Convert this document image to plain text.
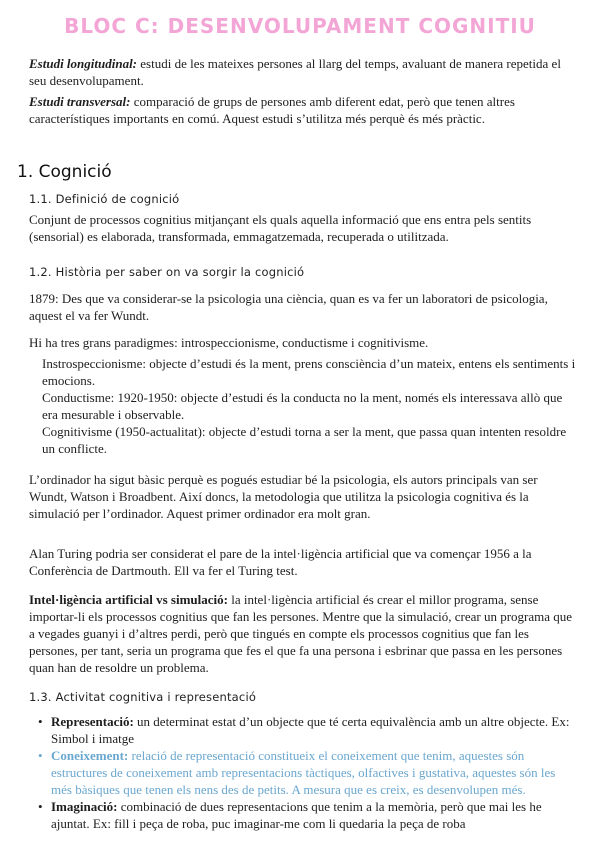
BLOC C: DESENVOLUPAMENT COGNITIU
Estudi longitudinal: estudi de les mateixes persones al llarg del temps, avaluant de manera repetida el seu desenvolupament.
Estudi transversal: comparació de grups de persones amb diferent edat, però que tenen altres característiques importants en comú. Aquest estudi s’utilitza més perquè és més pràctic.
1. Cognició
1.1. Definició de cognició
Conjunt de processos cognitius mitjançant els quals aquella informació que ens entra pels sentits (sensorial) es elaborada, transformada, emmagatzemada, recuperada o utilitzada.
1.2. Història per saber on va sorgir la cognició
1879: Des que va considerar-se la psicologia una ciència, quan es va fer un laboratori de psicologia, aquest el va fer Wundt.
Hi ha tres grans paradigmes: introspeccionisme, conductisme i cognitivisme.
Instrospeccionisme: objecte d’estudi és la ment, prens consciència d’un mateix, entens els sentiments i emocions.
Conductisme: 1920-1950: objecte d’estudi és la conducta no la ment, només els interessava allò que era mesurable i observable.
Cognitivisme (1950-actualitat): objecte d’estudi torna a ser la ment, que passa quan intenten resoldre un conflicte.
L’ordinador ha sigut bàsic perquè es pogués estudiar bé la psicologia, els autors principals van ser Wundt, Watson i Broadbent. Així doncs, la metodologia que utilitza la psicologia cognitiva és la simulació per l’ordinador. Aquest primer ordinador era molt gran.
Alan Turing podria ser considerat el pare de la intel·ligència artificial que va començar 1956 a la Conferència de Dartmouth. Ell va fer el Turing test.
Intel·ligència artificial vs simulació: la intel·ligència artificial és crear el millor programa, sense importar-li els processos cognitius que fan les persones. Mentre que la simulació, crear un programa que a vegades guanyi i d’altres perdi, però que tingués en compte els processos cognitius que fan les persones, per tant, seria un programa que fes el que fa una persona i esbrinar que passa en les persones quan han de resoldre un problema.
1.3. Activitat cognitiva i representació
• Representació: un determinat estat d’un objecte que té certa equivalència amb un altre objecte. Ex: Simbol i imatge
• Coneixement: relació de representació constitueix el coneixement que tenim, aquestes són estructures de coneixement amb representacions tàctiques, olfactives i gustativa, aquestes són les més bàsiques que tenen els nens des de petits. A mesura que es creix, es desenvolupen més.
• Imaginació: combinació de dues representacions que tenim a la memòria, però que mai les he ajuntat. Ex: fill i peça de roba, puc imaginar-me com li quedaria la peça de roba
